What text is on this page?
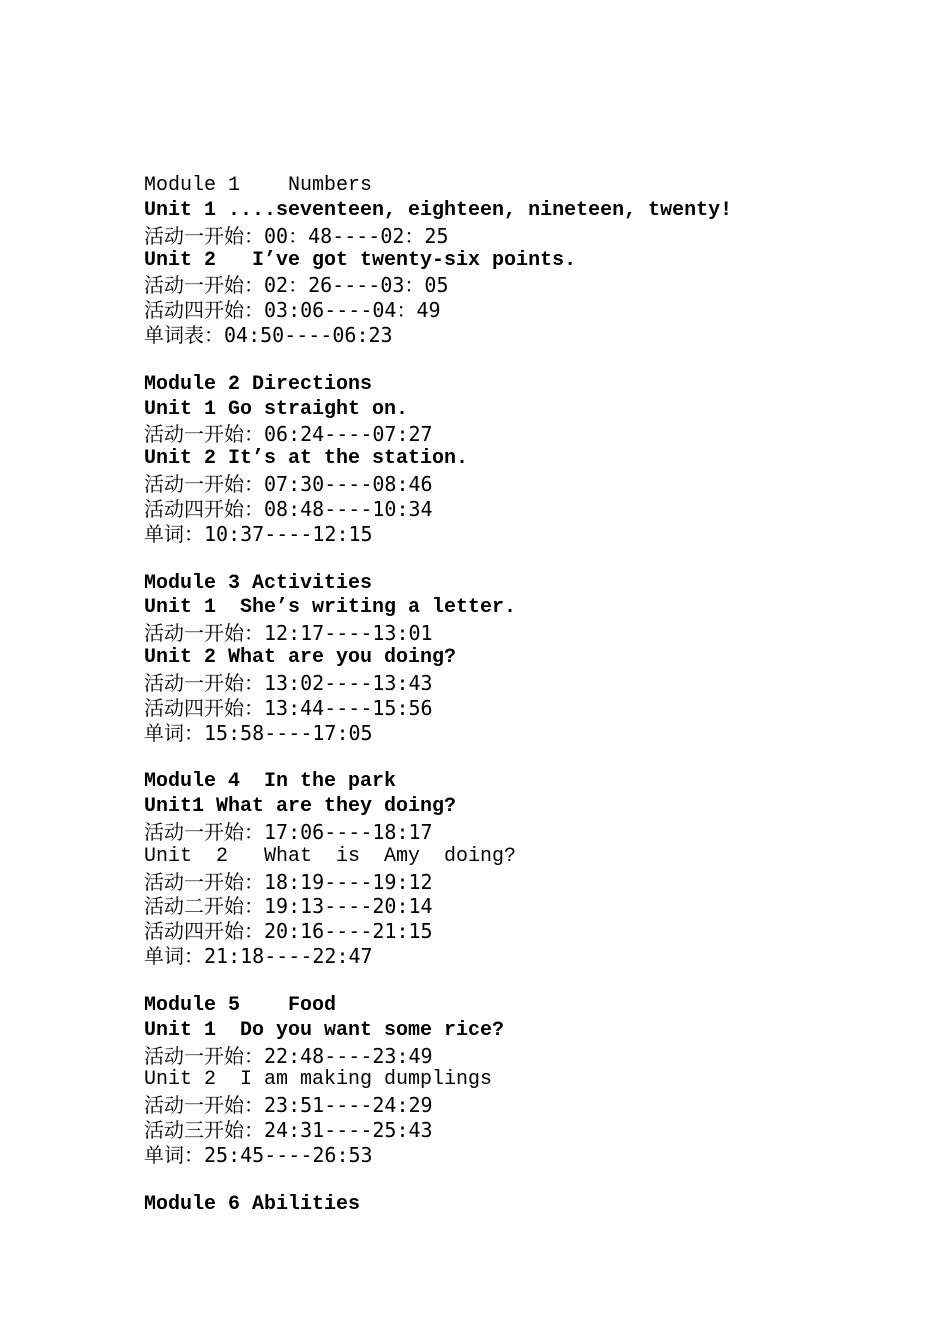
Module 1    Numbers
Unit 1 ....seventeen, eighteen, nineteen, twenty!
活动一开始：00：48----02：25
Unit 2   I’ve got twenty-six points.
活动一开始：02：26----03：05
活动四开始：03:06----04：49
单词表：04:50----06:23
Module 2 Directions
Unit 1 Go straight on.
活动一开始：06:24----07:27
Unit 2 It’s at the station.
活动一开始：07:30----08:46
活动四开始：08:48----10:34
单词：10:37----12:15
Module 3 Activities
Unit 1  She’s writing a letter.
活动一开始：12:17----13:01
Unit 2 What are you doing?
活动一开始：13:02----13:43
活动四开始：13:44----15:56
单词：15:58----17:05
Module 4  In the park
Unit1 What are they doing?
活动一开始：17:06----18:17
Unit  2   What  is  Amy  doing?
活动一开始：18:19----19:12
活动二开始：19:13----20:14
活动四开始：20:16----21:15
单词：21:18----22:47
Module 5    Food
Unit 1  Do you want some rice?
活动一开始：22:48----23:49
Unit 2  I am making dumplings
活动一开始：23:51----24:29
活动三开始：24:31----25:43
单词：25:45----26:53
Module 6 Abilities
